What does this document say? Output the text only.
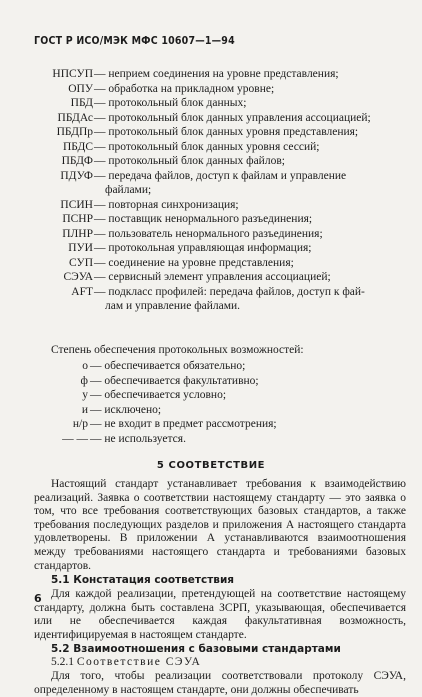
ГОСТ Р ИСО/МЭК МФС 10607—1—94
НПСУП — неприем соединения на уровне представления;
ОПУ — обработка на прикладном уровне;
ПБД — протокольный блок данных;
ПБДАс — протокольный блок данных управления ассоциацией;
ПБДПр — протокольный блок данных уровня представления;
ПБДС — протокольный блок данных уровня сессий;
ПБДФ — протокольный блок данных файлов;
ПДУФ — передача файлов, доступ к файлам и управление
файлами;
ПСИН — повторная синхронизация;
ПСНР — поставщик ненормального разъединения;
ПЛНР — пользователь ненормального разъединения;
ПУИ — протокольная управляющая информация;
СУП — соединение на уровне представления;
СЭУА — сервисный элемент управления ассоциацией;
AFT — подкласс профилей: передача файлов, доступ к фай-
лам и управление файлами.
Степень обеспечения протокольных возможностей:
о — обеспечивается обязательно;
ф — обеспечивается факультативно;
у — обеспечивается условно;
и — исключено;
н/р — не входит в предмет рассмотрения;
— — — не используется.
5 СООТВЕТСТВИЕ
Настоящий стандарт устанавливает требования к взаимодействию реализаций. Заявка о соответствии настоящему стандарту — это заявка о том, что все требования соответствующих базовых стандартов, а также требования последующих разделов и приложения А настоящего стандарта удовлетворены. В приложении А устанавливаются взаимоотношения между требованиями настоящего стандарта и требованиями базовых стандартов.
5.1 Констатация соответствия
Для каждой реализации, претендующей на соответствие настоящему стандарту, должна быть составлена ЗСРП, указывающая, обеспечивается или не обеспечивается каждая факультативная возможность, идентифицируемая в настоящем стандарте.
6
5.2 Взаимоотношения с базовыми стандартами
5.2.1 Соответствие СЭУА
Для того, чтобы реализации соответствовали протоколу СЭУА, определенному в настоящем стандарте, они должны обеспечивать
